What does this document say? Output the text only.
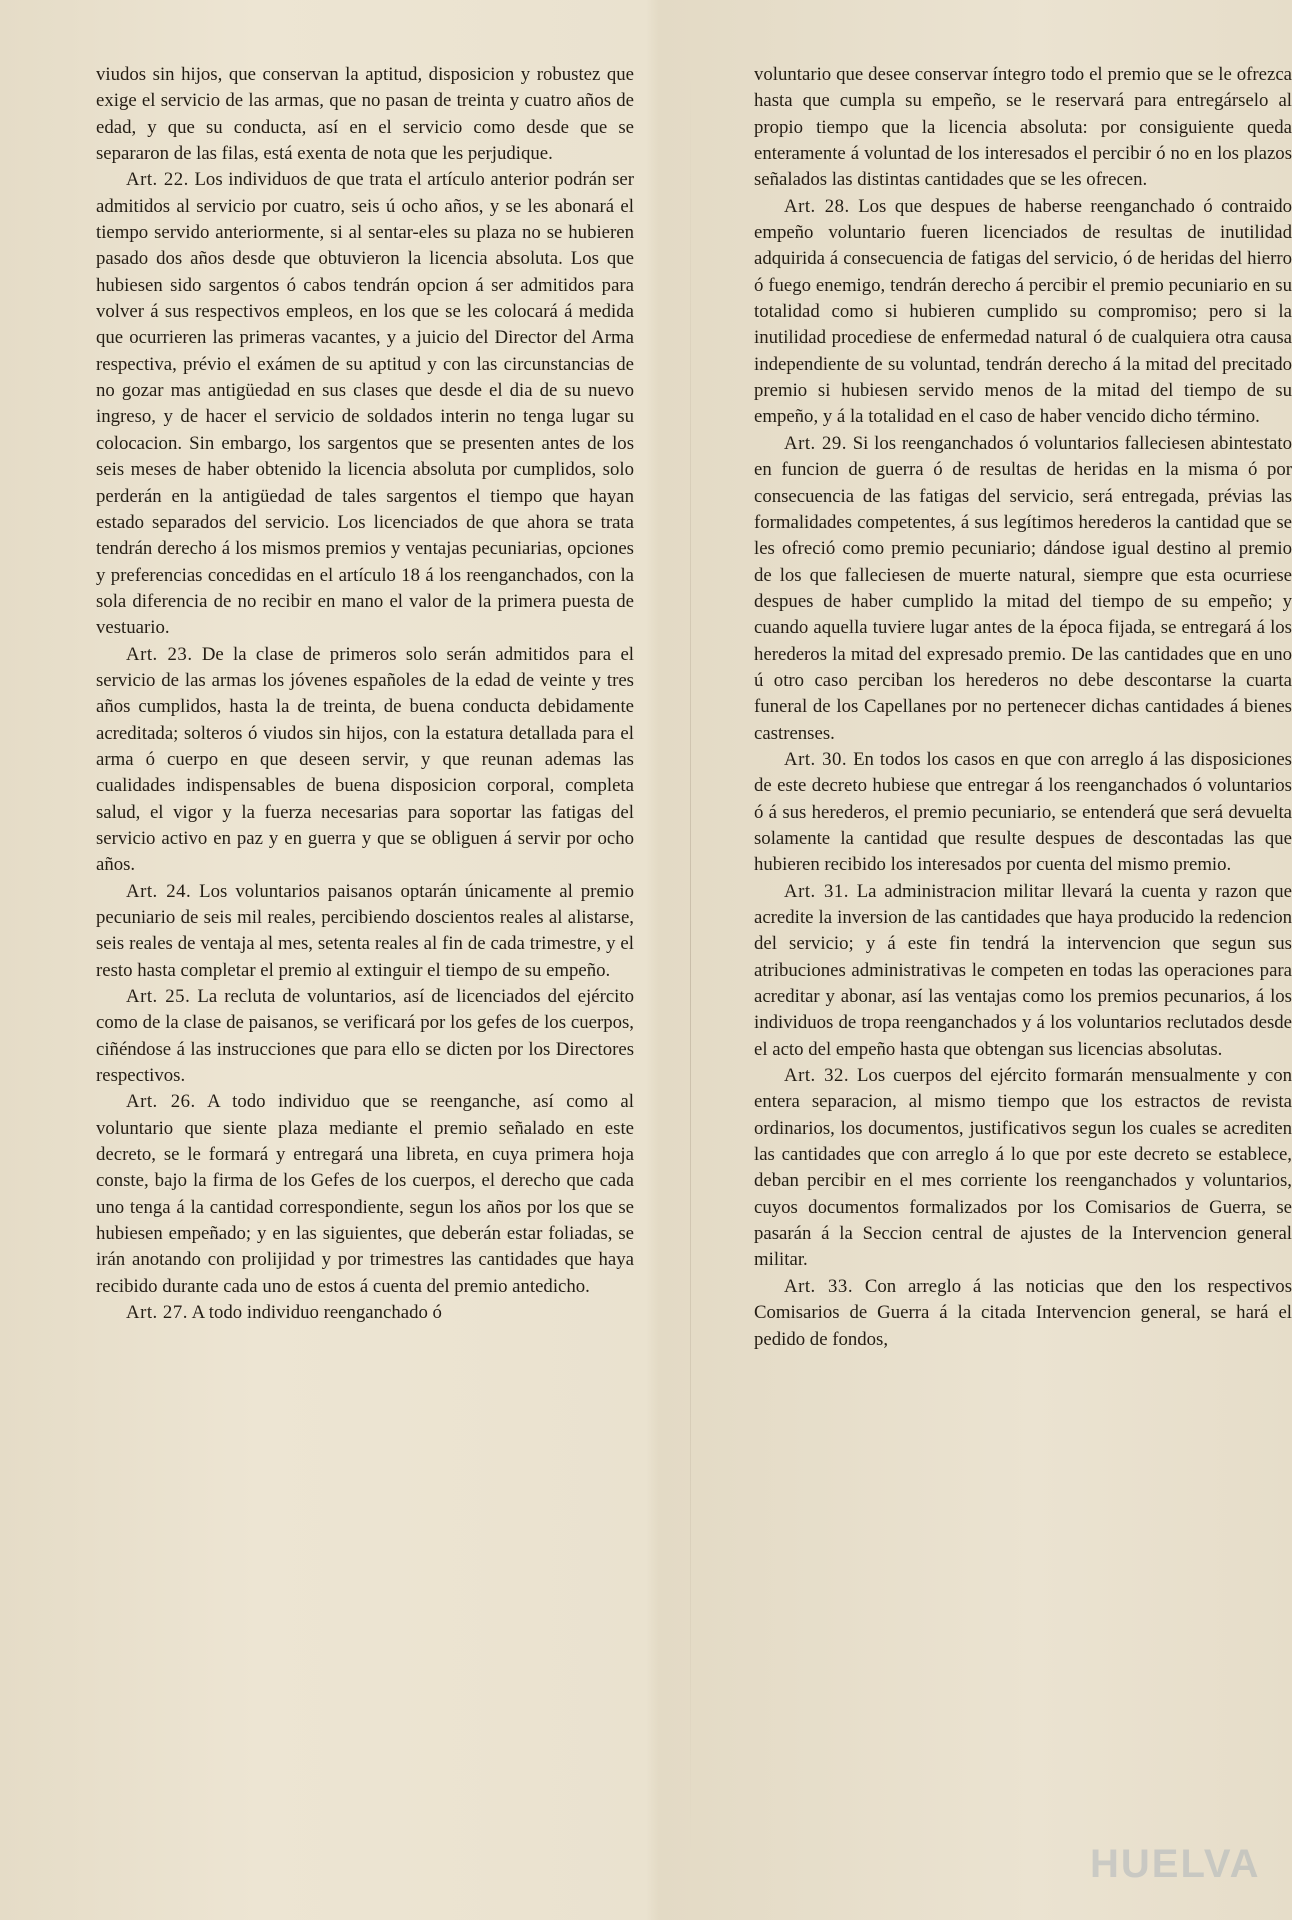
viudos sin hijos, que conservan la aptitud, disposicion y robustez que exige el servicio de las armas, que no pasan de treinta y cuatro años de edad, y que su conducta, así en el servicio como desde que se separaron de las filas, está exenta de nota que les perjudique.

Art. 22. Los individuos de que trata el artículo anterior podrán ser admitidos al servicio por cuatro, seis ú ocho años, y se les abonará el tiempo servido anteriormente, si al sentar-eles su plaza no se hubieren pasado dos años desde que obtuvieron la licencia absoluta. Los que hubiesen sido sargentos ó cabos tendrán opcion á ser admitidos para volver á sus respectivos empleos, en los que se les colocará á medida que ocurrieren las primeras vacantes, y a juicio del Director del Arma respectiva, prévio el exámen de su aptitud y con las circunstancias de no gozar mas antigüedad en sus clases que desde el dia de su nuevo ingreso, y de hacer el servicio de soldados interin no tenga lugar su colocacion. Sin embargo, los sargentos que se presenten antes de los seis meses de haber obtenido la licencia absoluta por cumplidos, solo perderán en la antigüedad de tales sargentos el tiempo que hayan estado separados del servicio. Los licenciados de que ahora se trata tendrán derecho á los mismos premios y ventajas pecuniarias, opciones y preferencias concedidas en el artículo 18 á los reenganchados, con la sola diferencia de no recibir en mano el valor de la primera puesta de vestuario.

Art. 23. De la clase de primeros solo serán admitidos para el servicio de las armas los jóvenes españoles de la edad de veinte y tres años cumplidos, hasta la de treinta, de buena conducta debidamente acreditada; solteros ó viudos sin hijos, con la estatura detallada para el arma ó cuerpo en que deseen servir, y que reunan ademas las cualidades indispensables de buena disposicion corporal, completa salud, el vigor y la fuerza necesarias para soportar las fatigas del servicio activo en paz y en guerra y que se obliguen á servir por ocho años.

Art. 24. Los voluntarios paisanos optarán únicamente al premio pecuniario de seis mil reales, percibiendo doscientos reales al alistarse, seis reales de ventaja al mes, setenta reales al fin de cada trimestre, y el resto hasta completar el premio al extinguir el tiempo de su empeño.

Art. 25. La recluta de voluntarios, así de licenciados del ejército como de la clase de paisanos, se verificará por los gefes de los cuerpos, ciñéndose á las instrucciones que para ello se dicten por los Directores respectivos.

Art. 26. A todo individuo que se reenganche, así como al voluntario que siente plaza mediante el premio señalado en este decreto, se le formará y entregará una libreta, en cuya primera hoja conste, bajo la firma de los Gefes de los cuerpos, el derecho que cada uno tenga á la cantidad correspondiente, segun los años por los que se hubiesen empeñado; y en las siguientes, que deberán estar foliadas, se irán anotando con prolijidad y por trimestres las cantidades que haya recibido durante cada uno de estos á cuenta del premio antedicho.

Art. 27. A todo individuo reenganchado ó

voluntario que desee conservar íntegro todo el premio que se le ofrezca hasta que cumpla su empeño, se le reservará para entregárselo al propio tiempo que la licencia absoluta: por consiguiente queda enteramente á voluntad de los interesados el percibir ó no en los plazos señalados las distintas cantidades que se les ofrecen.

Art. 28. Los que despues de haberse reenganchado ó contraido empeño voluntario fueren licenciados de resultas de inutilidad adquirida á consecuencia de fatigas del servicio, ó de heridas del hierro ó fuego enemigo, tendrán derecho á percibir el premio pecuniario en su totalidad como si hubieren cumplido su compromiso; pero si la inutilidad procediese de enfermedad natural ó de cualquiera otra causa independiente de su voluntad, tendrán derecho á la mitad del precitado premio si hubiesen servido menos de la mitad del tiempo de su empeño, y á la totalidad en el caso de haber vencido dicho término.

Art. 29. Si los reenganchados ó voluntarios falleciesen abintestato en funcion de guerra ó de resultas de heridas en la misma ó por consecuencia de las fatigas del servicio, será entregada, prévias las formalidades competentes, á sus legítimos herederos la cantidad que se les ofreció como premio pecuniario; dándose igual destino al premio de los que falleciesen de muerte natural, siempre que esta ocurriese despues de haber cumplido la mitad del tiempo de su empeño; y cuando aquella tuviere lugar antes de la época fijada, se entregará á los herederos la mitad del expresado premio. De las cantidades que en uno ú otro caso perciban los herederos no debe descontarse la cuarta funeral de los Capellanes por no pertenecer dichas cantidades á bienes castrenses.

Art. 30. En todos los casos en que con arreglo á las disposiciones de este decreto hubiese que entregar á los reenganchados ó voluntarios ó á sus herederos, el premio pecuniario, se entenderá que será devuelta solamente la cantidad que resulte despues de descontadas las que hubieren recibido los interesados por cuenta del mismo premio.

Art. 31. La administracion militar llevará la cuenta y razon que acredite la inversion de las cantidades que haya producido la redencion del servicio; y á este fin tendrá la intervencion que segun sus atribuciones administrativas le competen en todas las operaciones para acreditar y abonar, así las ventajas como los premios pecunarios, á los individuos de tropa reenganchados y á los voluntarios reclutados desde el acto del empeño hasta que obtengan sus licencias absolutas.

Art. 32. Los cuerpos del ejército formarán mensualmente y con entera separacion, al mismo tiempo que los estractos de revista ordinarios, los documentos, justificativos segun los cuales se acrediten las cantidades que con arreglo á lo que por este decreto se establece, deban percibir en el mes corriente los reenganchados y voluntarios, cuyos documentos formalizados por los Comisarios de Guerra, se pasarán á la Seccion central de ajustes de la Intervencion general militar.

Art. 33. Con arreglo á las noticias que den los respectivos Comisarios de Guerra á la citada Intervencion general, se hará el pedido de fondos,

HUELVA
